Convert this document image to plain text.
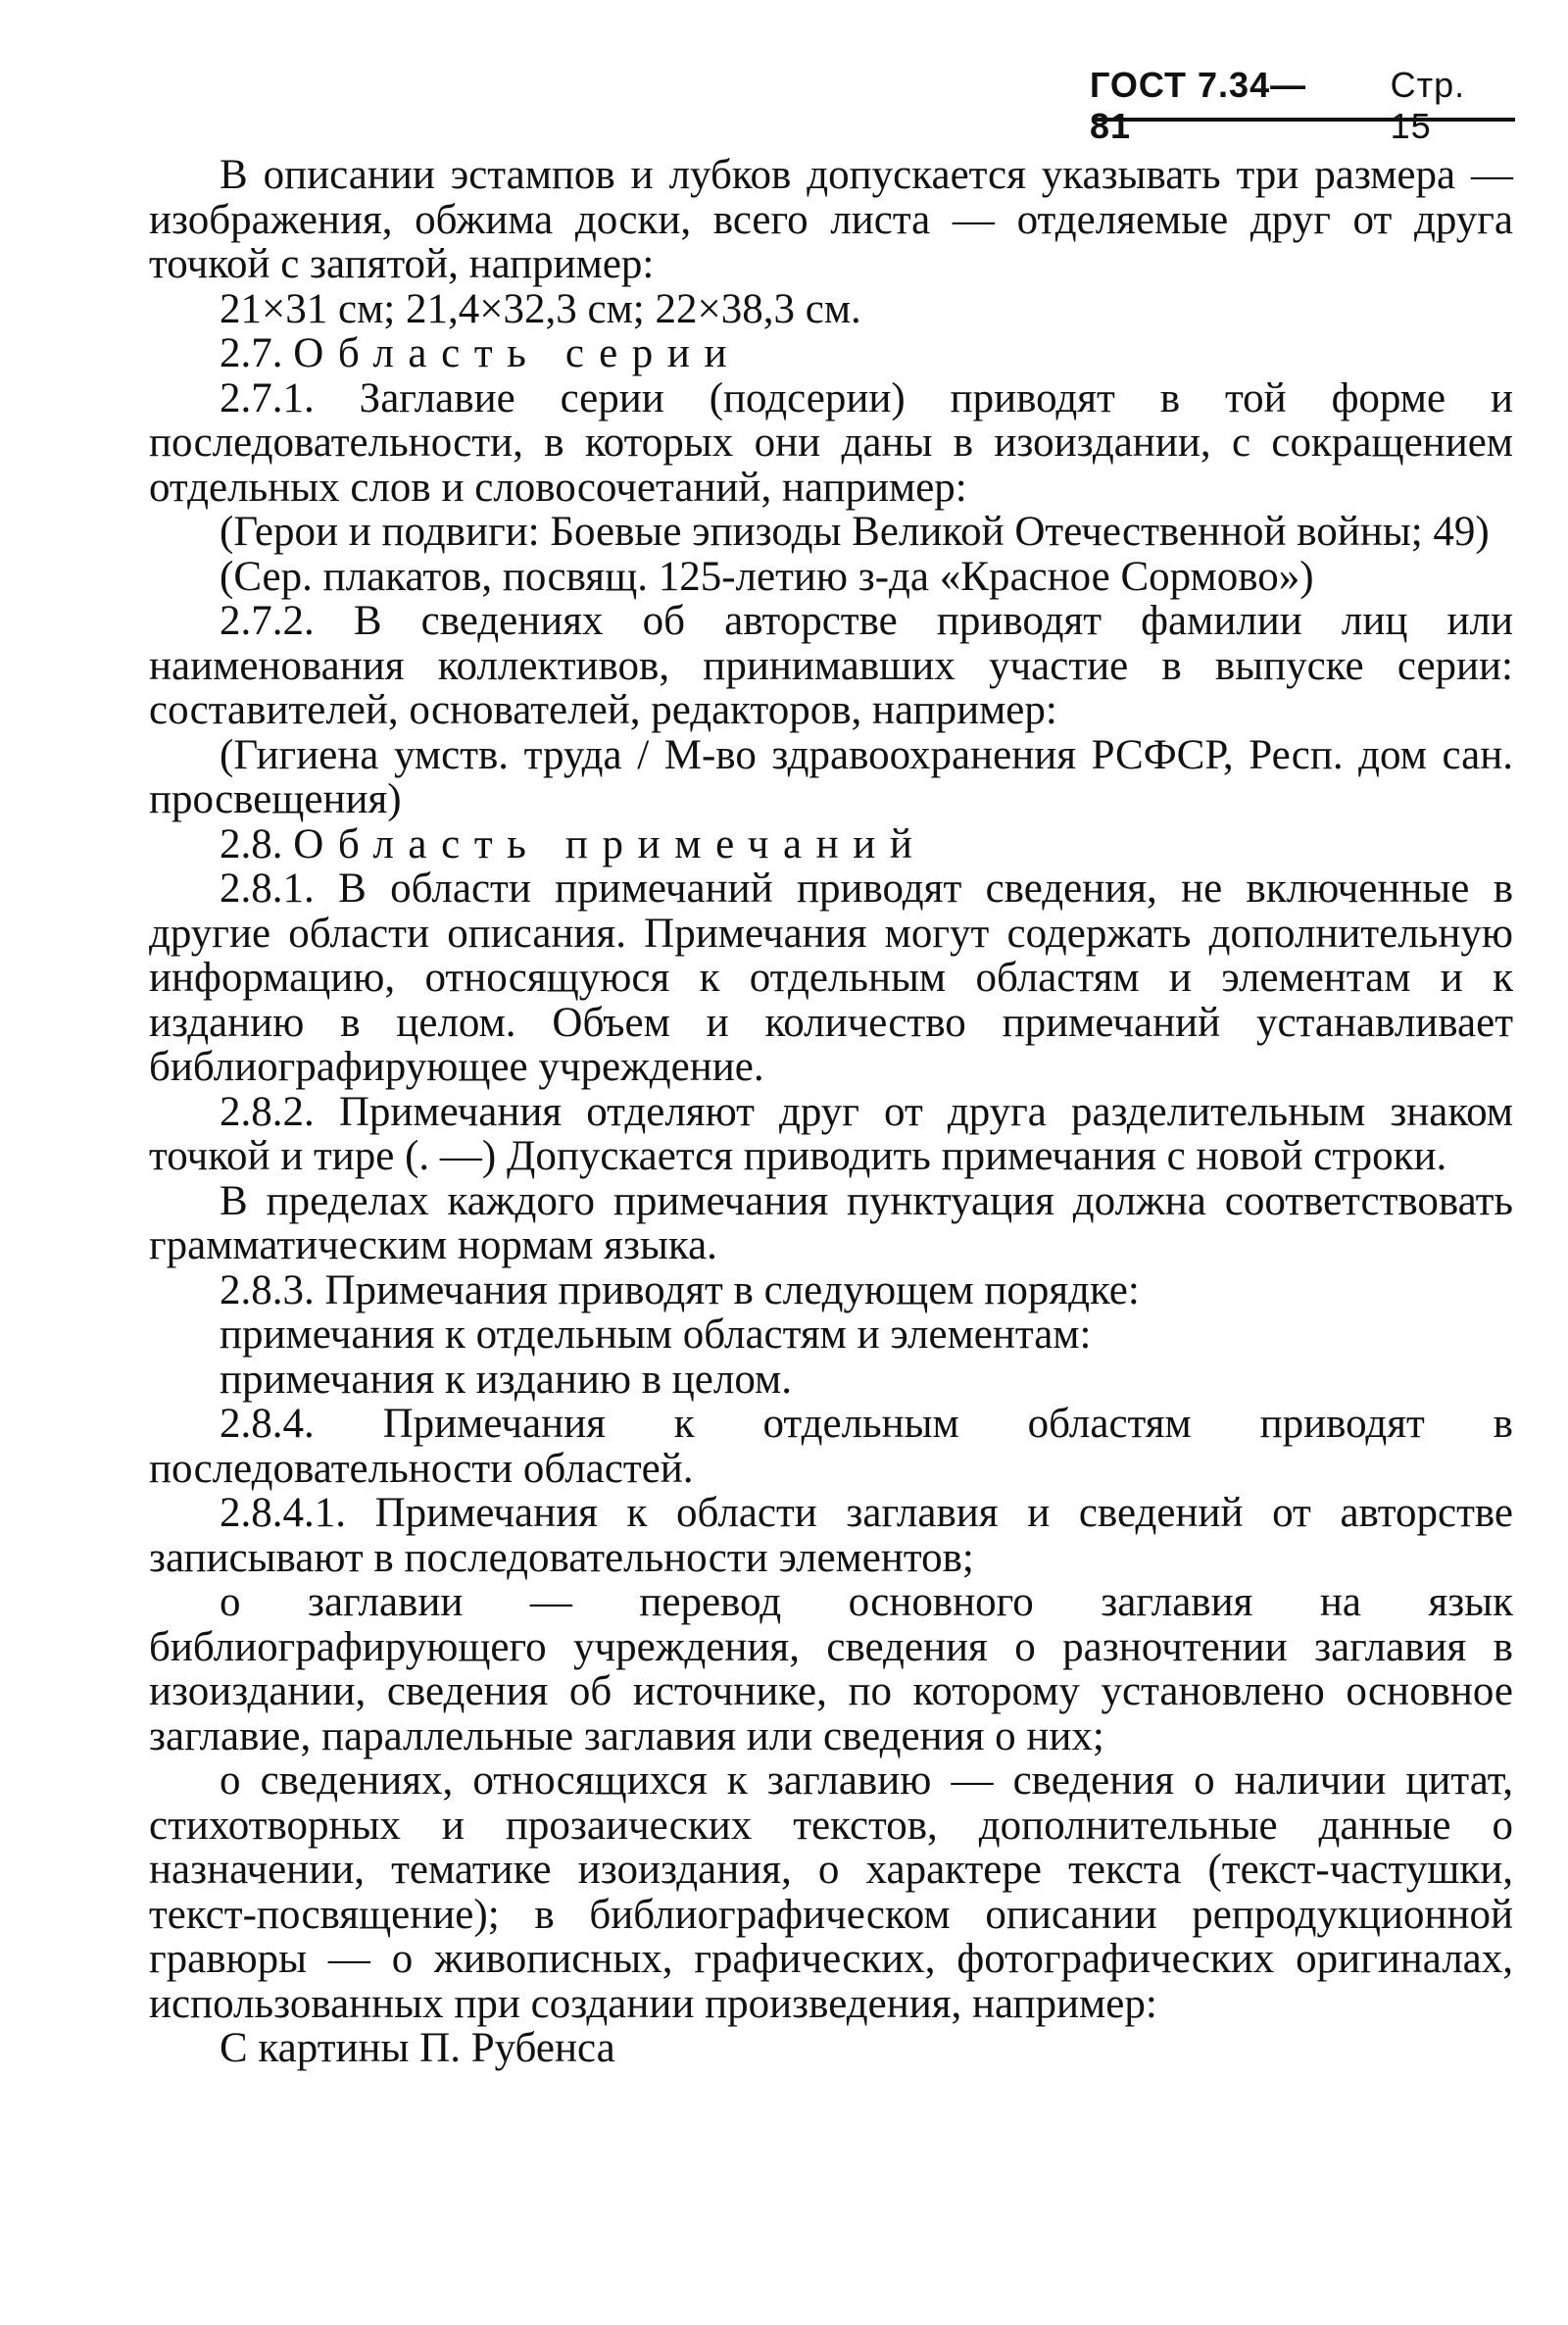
ГОСТ 7.34—81
Стр. 15

В описании эстампов и лубков допускается указывать три размера — изображения, обжима доски, всего листа — отделяемые друг от друга точкой с запятой, например:

21×31 см; 21,4×32,3 см; 22×38,3 см.

2.7. Область серии

2.7.1. Заглавие серии (подсерии) приводят в той форме и последовательности, в которых они даны в изоиздании, с сокращением отдельных слов и словосочетаний, например:

(Герои и подвиги: Боевые эпизоды Великой Отечественной войны; 49)

(Сер. плакатов, посвящ. 125-летию з-да «Красное Сормово»)

2.7.2. В сведениях об авторстве приводят фамилии лиц или наименования коллективов, принимавших участие в выпуске серии: составителей, основателей, редакторов, например:

(Гигиена умств. труда / М-во здравоохранения РСФСР, Респ. дом сан. просвещения)

2.8. Область примечаний

2.8.1. В области примечаний приводят сведения, не включенные в другие области описания. Примечания могут содержать дополнительную информацию, относящуюся к отдельным областям и элементам и к изданию в целом. Объем и количество примечаний устанавливает библиографирующее учреждение.

2.8.2. Примечания отделяют друг от друга разделительным знаком точкой и тире (. —) Допускается приводить примечания с новой строки.

В пределах каждого примечания пунктуация должна соответствовать грамматическим нормам языка.

2.8.3. Примечания приводят в следующем порядке:

примечания к отдельным областям и элементам:

примечания к изданию в целом.

2.8.4. Примечания к отдельным областям приводят в последовательности областей.

2.8.4.1. Примечания к области заглавия и сведений от авторстве записывают в последовательности элементов;

о заглавии — перевод основного заглавия на язык библиографирующего учреждения, сведения о разночтении заглавия в изоиздании, сведения об источнике, по которому установлено основное заглавие, параллельные заглавия или сведения о них;

о сведениях, относящихся к заглавию — сведения о наличии цитат, стихотворных и прозаических текстов, дополнительные данные о назначении, тематике изоиздания, о характере текста (текст-частушки, текст-посвящение); в библиографическом описании репродукционной гравюры — о живописных, графических, фотографических оригиналах, использованных при создании произведения, например:

С картины П. Рубенса
